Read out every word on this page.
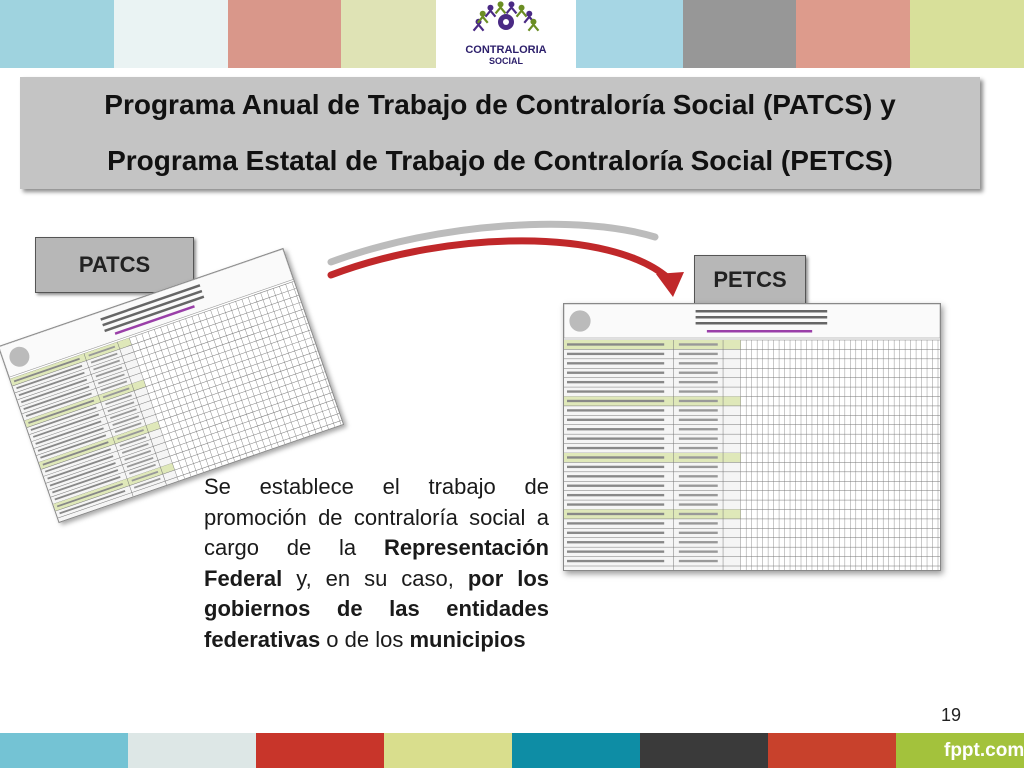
CONTRALORIA
SOCIAL
Programa Anual de Trabajo de Contraloría Social (PATCS) y
Programa Estatal de Trabajo de Contraloría Social (PETCS)
PATCS
PETCS
Se establece el trabajo de promoción de contraloría social a cargo de la Representación Federal y, en su caso, por los gobiernos de las entidades federativas o de los municipios
19
fppt.com
